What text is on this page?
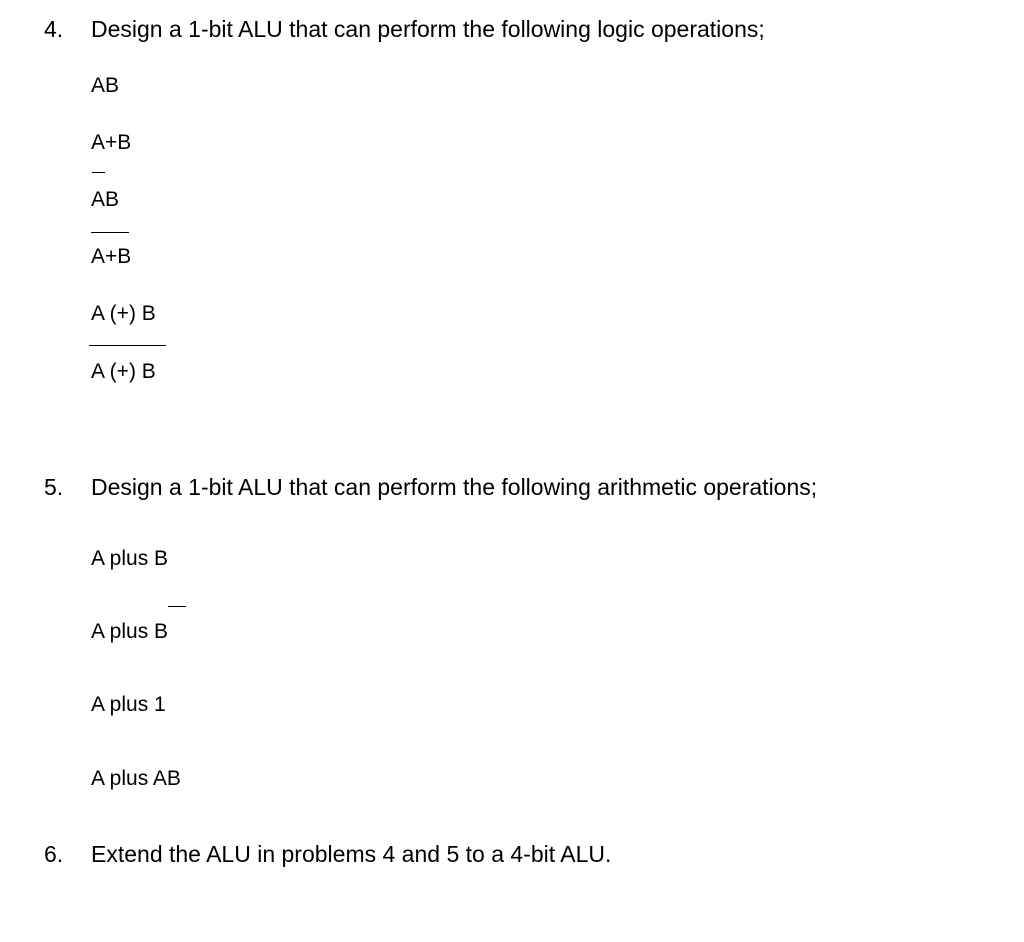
4. Design a 1-bit ALU that can perform the following logic operations;
AB
A+B
AB
A+B
A (+) B
A (+) B
5. Design a 1-bit ALU that can perform the following arithmetic operations;
A plus B
A plus B
A plus 1
A plus AB
6. Extend the ALU in problems 4 and 5 to a 4-bit ALU.
